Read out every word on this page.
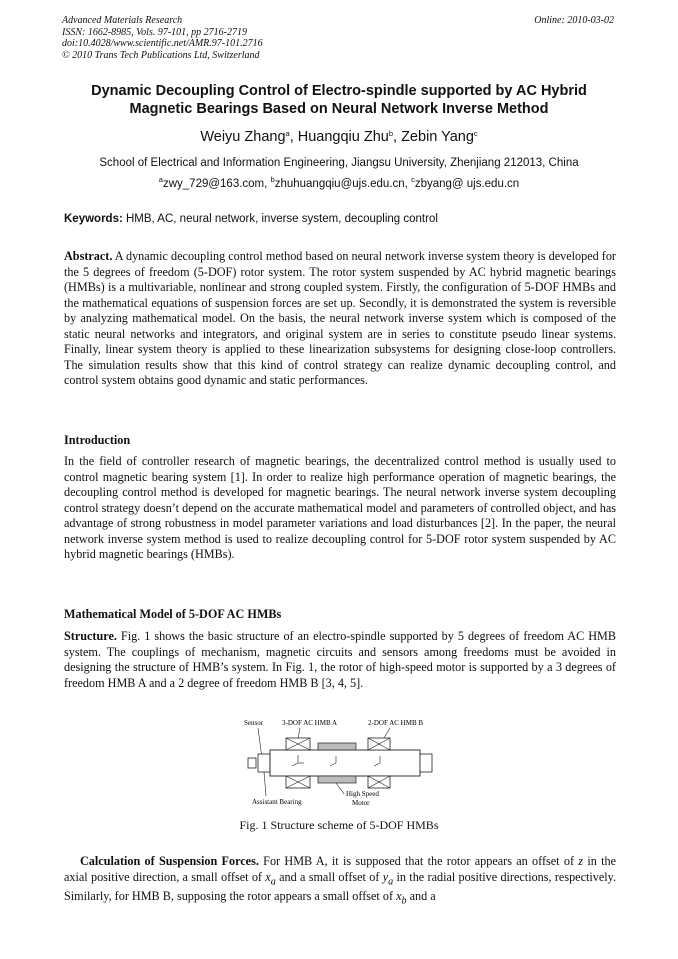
Advanced Materials Research
ISSN: 1662-8985, Vols. 97-101, pp 2716-2719
doi:10.4028/www.scientific.net/AMR.97-101.2716
© 2010 Trans Tech Publications Ltd, Switzerland
Online: 2010-03-02
Dynamic Decoupling Control of Electro-spindle supported by AC Hybrid
Magnetic Bearings Based on Neural Network Inverse Method
Weiyu Zhang$^a$, Huangqiu Zhu$^b$, Zebin Yang$^c$
School of Electrical and Information Engineering, Jiangsu University, Zhenjiang 212013, China
$^a$zwy_729@163.com, $^b$zhuhuangqiu@ujs.edu.cn, $^c$zbyang@ ujs.edu.cn
Keywords: HMB, AC, neural network, inverse system, decoupling control
Abstract. A dynamic decoupling control method based on neural network inverse system theory is developed for the 5 degrees of freedom (5-DOF) rotor system. The rotor system suspended by AC hybrid magnetic bearings (HMBs) is a multivariable, nonlinear and strong coupled system. Firstly, the configuration of 5-DOF HMBs and the mathematical equations of suspension forces are set up. Secondly, it is demonstrated the system is reversible by analyzing mathematical model. On the basis, the neural network inverse system which is composed of the static neural networks and integrators, and original system are in series to constitute pseudo linear systems. Finally, linear system theory is applied to these linearization subsystems for designing close-loop controllers. The simulation results show that this kind of control strategy can realize dynamic decoupling control, and control system obtains good dynamic and static performances.
Introduction
In the field of controller research of magnetic bearings, the decentralized control method is usually used to control magnetic bearing system [1]. In order to realize high performance operation of magnetic bearings, the decoupling control method is developed for magnetic bearings. The neural network inverse system decoupling control strategy doesn’t depend on the accurate mathematical model and parameters of controlled object, and has advantage of strong robustness in model parameter variations and load disturbances [2]. In the paper, the neural network inverse system method is used to realize decoupling control for 5-DOF rotor system suspended by AC hybrid magnetic bearings (HMBs).
Mathematical Model of 5-DOF AC HMBs
Structure. Fig. 1 shows the basic structure of an electro-spindle supported by 5 degrees of freedom AC HMB system. The couplings of mechanism, magnetic circuits and sensors among freedoms must be avoided in designing the structure of HMB’s system. In Fig. 1, the rotor of high-speed motor is supported by a 3 degrees of freedom HMB A and a 2 degree of freedom HMB B [3, 4, 5].
Sensor	3-DOF AC HMB A	2-DOF AC HMB B
Assistant Bearing
High Speed
Motor
Fig. 1 Structure scheme of 5-DOF HMBs
Calculation of Suspension Forces. For HMB A, it is supposed that the rotor appears an offset of z in the axial positive direction, a small offset of $x_a$ and a small offset of $y_a$ in the radial positive directions, respectively. Similarly, for HMB B, supposing the rotor appears a small offset of $x_b$ and a
